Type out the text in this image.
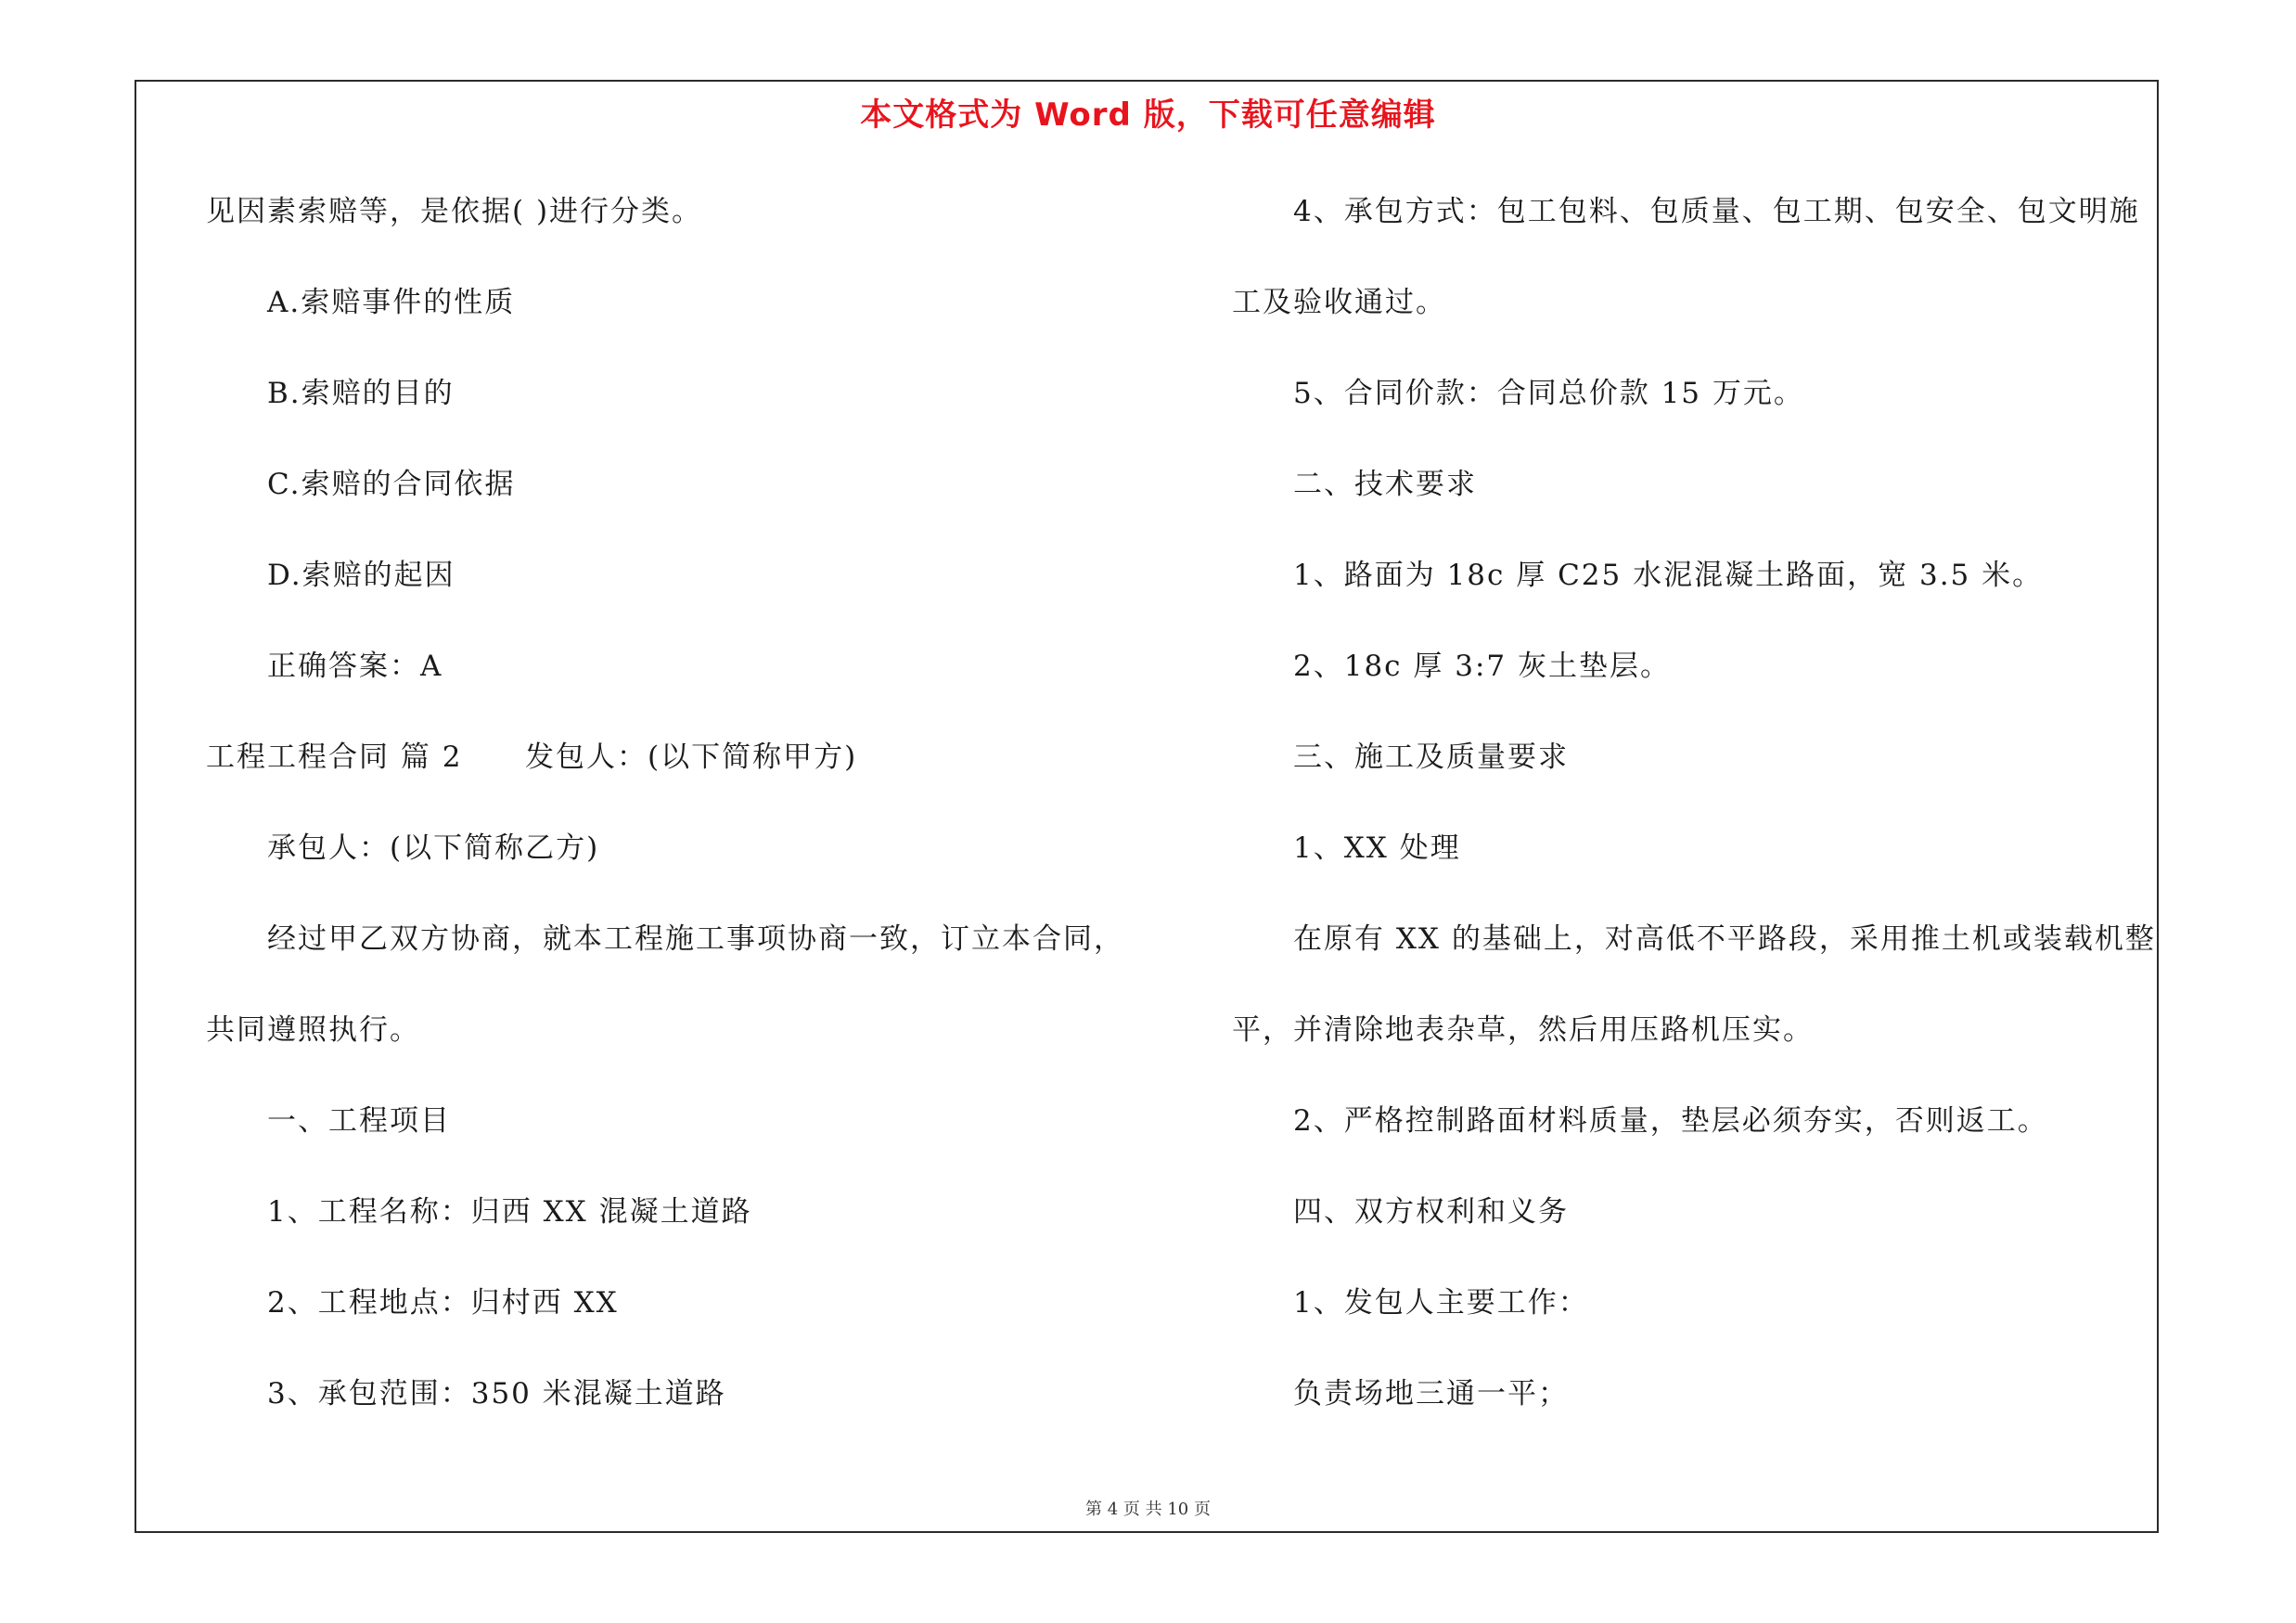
本文格式为 Word 版，下载可任意编辑
见因素索赔等，是依据( )进行分类。
A.索赔事件的性质
B.索赔的目的
C.索赔的合同依据
D.索赔的起因
正确答案：A
工程工程合同 篇 2 发包人：(以下简称甲方)
承包人：(以下简称乙方)
经过甲乙双方协商，就本工程施工事项协商一致，订立本合同，
共同遵照执行。
一、工程项目
1、工程名称：归西 XX 混凝土道路
2、工程地点：归村西 XX
3、承包范围：350 米混凝土道路
4、承包方式：包工包料、包质量、包工期、包安全、包文明施
工及验收通过。
5、合同价款：合同总价款 15 万元。
二、技术要求
1、路面为 18c 厚 C25 水泥混凝土路面，宽 3.5 米。
2、18c 厚 3:7 灰土垫层。
三、施工及质量要求
1、XX 处理
在原有 XX 的基础上，对高低不平路段，采用推土机或装载机整
平，并清除地表杂草，然后用压路机压实。
2、严格控制路面材料质量，垫层必须夯实，否则返工。
四、双方权利和义务
1、发包人主要工作：
负责场地三通一平；
第 4 页 共 10 页
